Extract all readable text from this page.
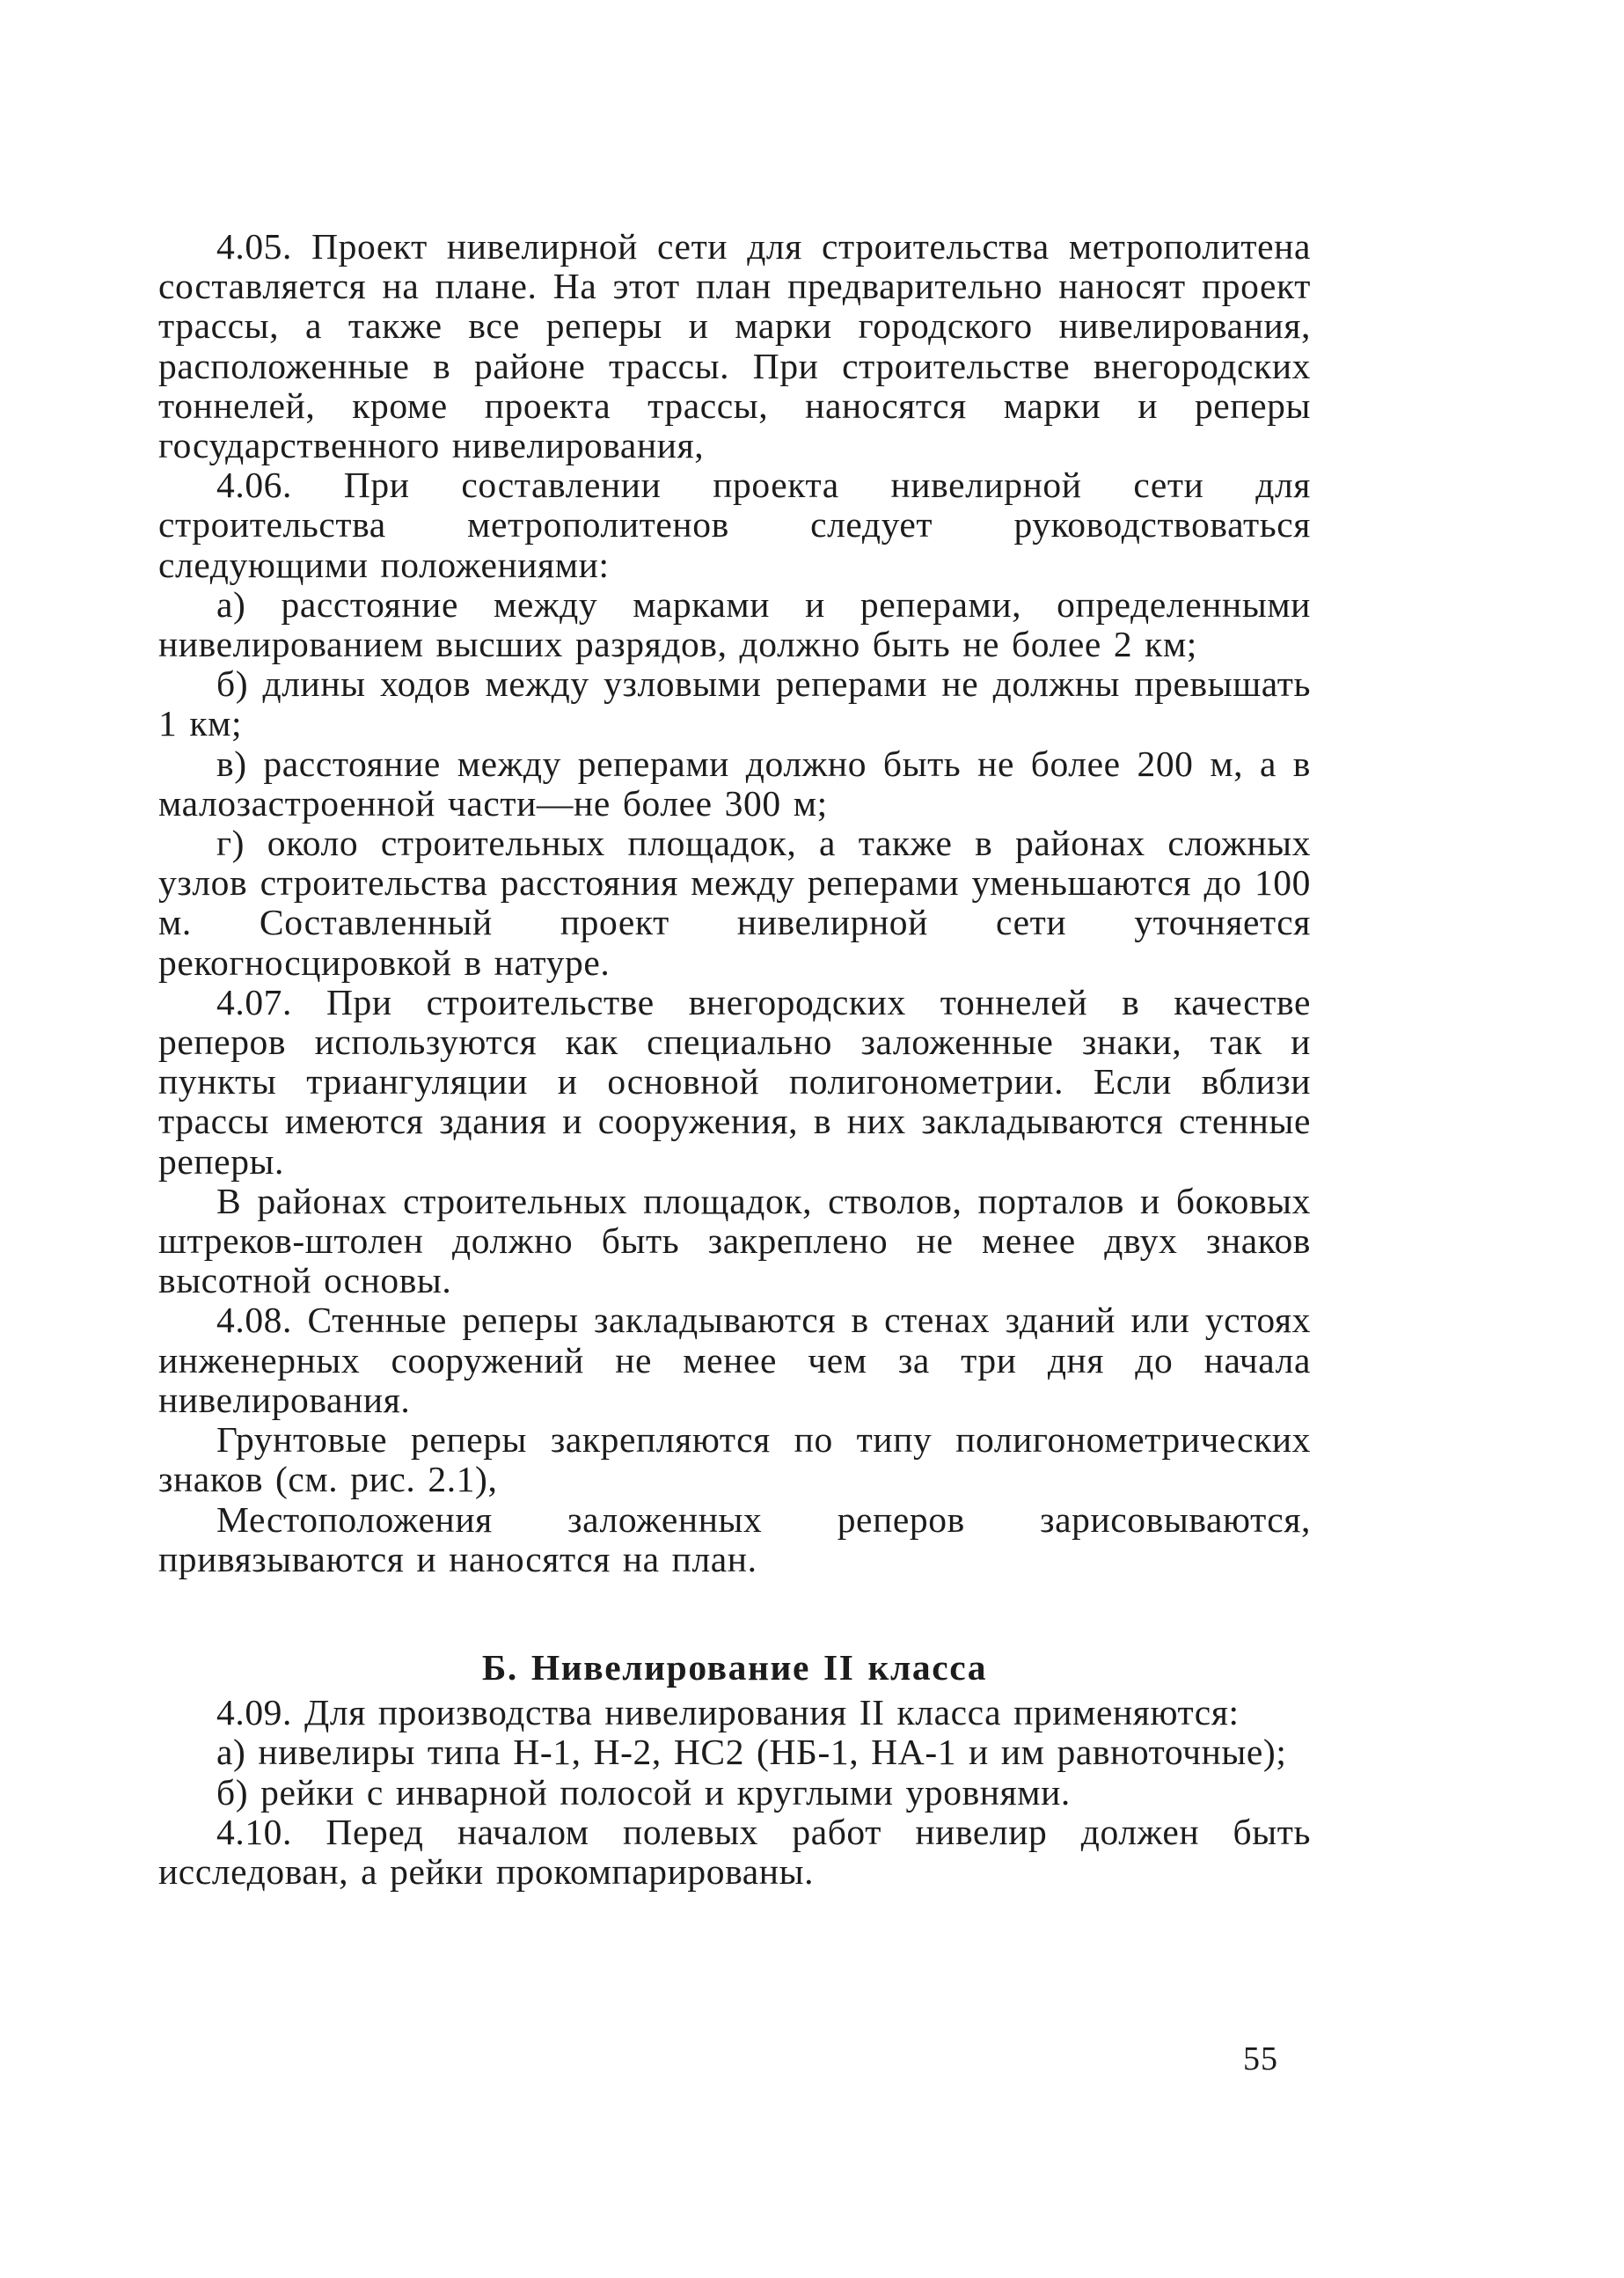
4.05. Проект нивелирной сети для строительства метрополитена составляется на плане. На этот план предварительно наносят проект трассы, а также все реперы и марки городского нивелирования, расположенные в районе трассы. При строительстве внегородских тоннелей, кроме проекта трассы, наносятся марки и реперы государственного нивелирования,

4.06. При составлении проекта нивелирной сети для строительства метрополитенов следует руководствоваться следующими положениями:

а) расстояние между марками и реперами, определенными нивелированием высших разрядов, должно быть не более 2 км;

б) длины ходов между узловыми реперами не должны превышать 1 км;

в) расстояние между реперами должно быть не более 200 м, а в малозастроенной части—не более 300 м;

г) около строительных площадок, а также в районах сложных узлов строительства расстояния между реперами уменьшаются до 100 м. Составленный проект нивелирной сети уточняется рекогносцировкой в натуре.

4.07. При строительстве внегородских тоннелей в качестве реперов используются как специально заложенные знаки, так и пункты триангуляции и основной полигонометрии. Если вблизи трассы имеются здания и сооружения, в них закладываются стенные реперы.

В районах строительных площадок, стволов, порталов и боковых штреков-штолен должно быть закреплено не менее двух знаков высотной основы.

4.08. Стенные реперы закладываются в стенах зданий или устоях инженерных сооружений не менее чем за три дня до начала нивелирования.

Грунтовые реперы закрепляются по типу полигонометрических знаков (см. рис. 2.1),

Местоположения заложенных реперов зарисовываются, привязываются и наносятся на план.

Б. Нивелирование II класса

4.09. Для производства нивелирования II класса применяются:

а) нивелиры типа Н-1, Н-2, НС2 (НБ-1, НА-1 и им равноточные);

б) рейки с инварной полосой и круглыми уровнями.

4.10. Перед началом полевых работ нивелир должен быть исследован, а рейки прокомпарированы.

55
